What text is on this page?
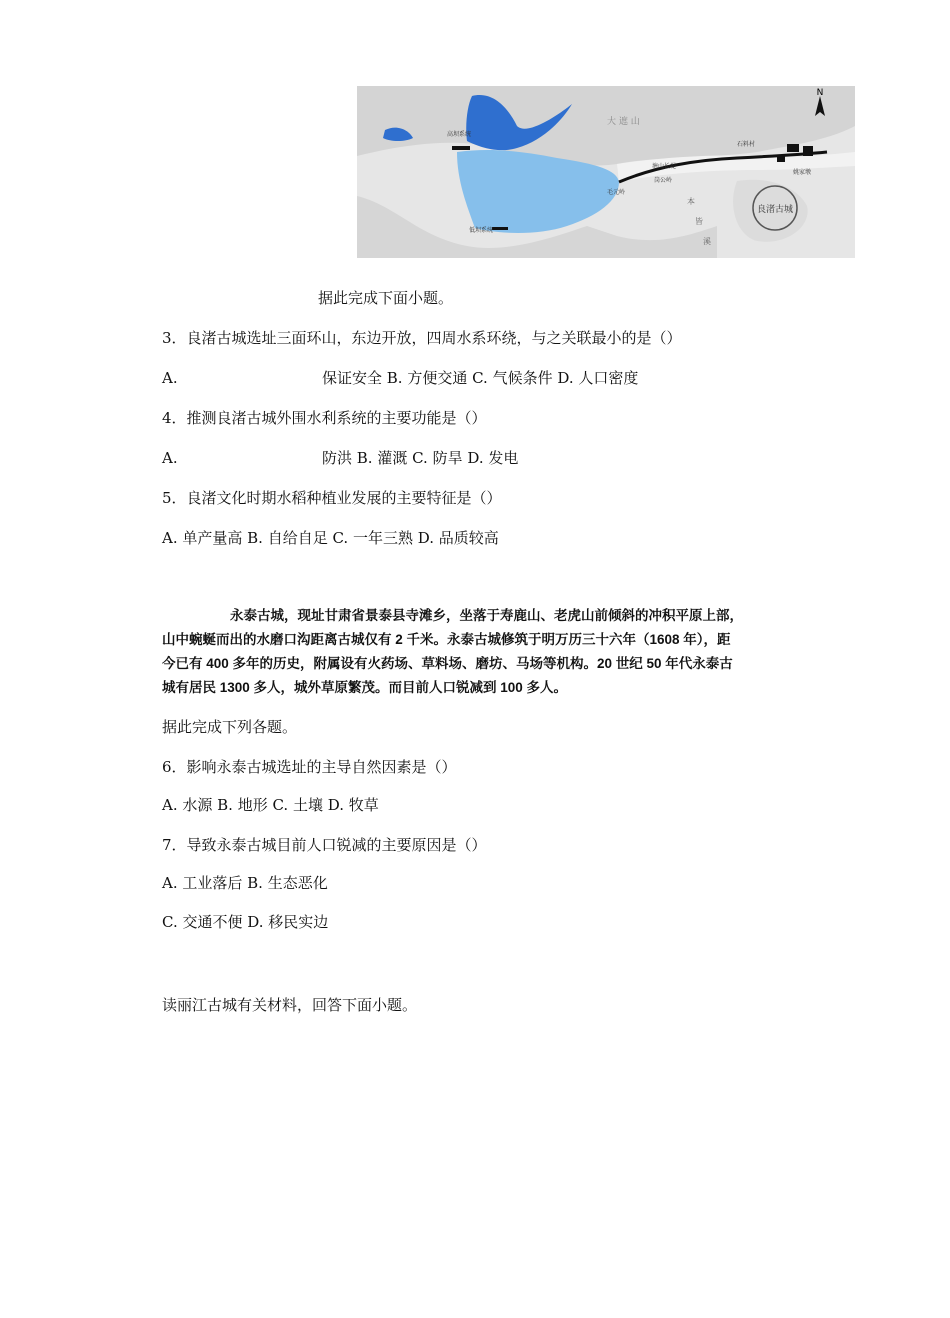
N
大 遮 山
良渚古城
高坝系统
低坝系统
毛元岭
塘山长堤
岗公岭
石料村
姚家墩
本
皆
溪
据此完成下面小题。
3．良渚古城选址三面环山，东边开放，四周水系环绕，与之关联最小的是（）
A.	保证安全 B. 方便交通 C. 气候条件 D. 人口密度
4．推测良渚古城外围水利系统的主要功能是（）
A.	防洪 B. 灌溉 C. 防旱 D. 发电
5．良渚文化时期水稻种植业发展的主要特征是（）
A. 单产量高 B. 自给自足 C. 一年三熟 D. 品质较高
永泰古城，现址甘肃省景泰县寺滩乡，坐落于寿鹿山、老虎山前倾斜的冲积平原上部，
山中蜿蜒而出的水磨口沟距离古城仅有 2 千米。永泰古城修筑于明万历三十六年（1608 年），距
今已有 400 多年的历史，附属设有火药场、草料场、磨坊、马场等机构。20 世纪 50 年代永泰古
城有居民 1300 多人，城外草原繁茂。而目前人口锐减到 100 多人。
据此完成下列各题。
6．影响永泰古城选址的主导自然因素是（）
A. 水源 B. 地形 C. 土壤 D. 牧草
7．导致永泰古城目前人口锐减的主要原因是（）
A. 工业落后 B. 生态恶化
C. 交通不便 D. 移民实边
读丽江古城有关材料，回答下面小题。
